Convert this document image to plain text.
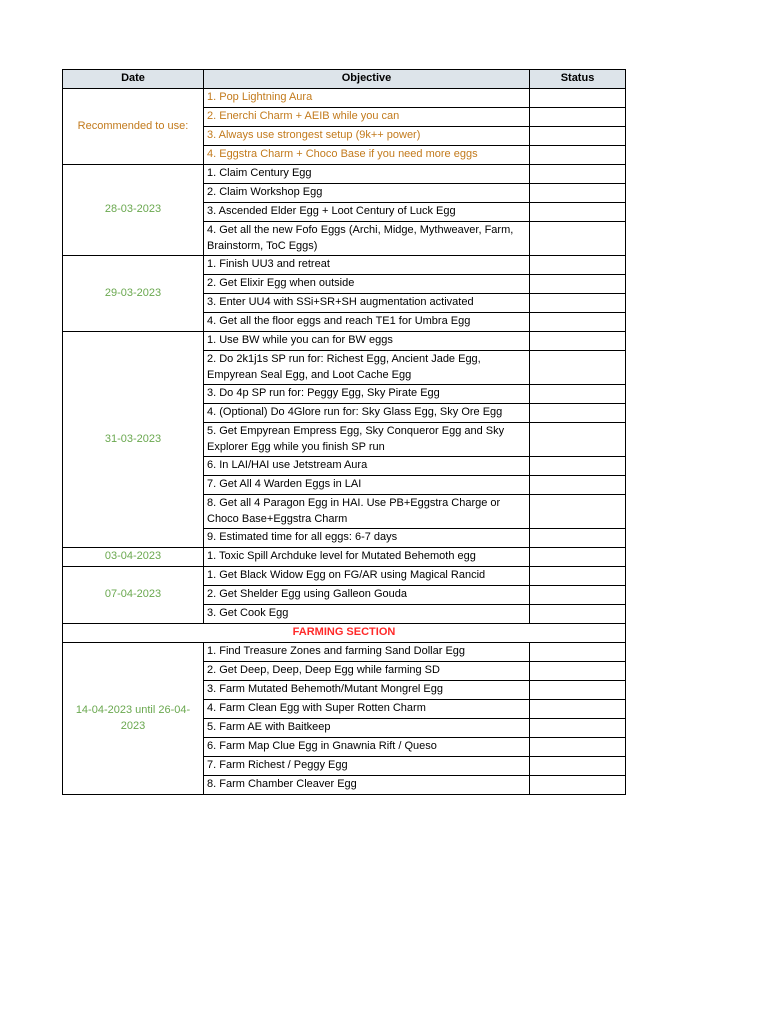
Date	Objective	Status
Recommended to use:	1. Pop Lightning Aura	
	2. Enerchi Charm + AEIB while you can	
	3. Always use strongest setup (9k++ power)	
	4. Eggstra Charm + Choco Base if you need more eggs	
28-03-2023	1. Claim Century Egg	
	2. Claim Workshop Egg	
	3. Ascended Elder Egg + Loot Century of Luck Egg	
	4. Get all the new Fofo Eggs (Archi, Midge, Mythweaver, Farm, Brainstorm, ToC Eggs)	
29-03-2023	1. Finish UU3 and retreat	
	2. Get Elixir Egg when outside	
	3. Enter UU4 with SSi+SR+SH augmentation activated	
	4. Get all the floor eggs and reach TE1 for Umbra Egg	
31-03-2023	1. Use BW while you can for BW eggs	
	2. Do 2k1j1s SP run for: Richest Egg, Ancient Jade Egg, Empyrean Seal Egg, and Loot Cache Egg	
	3. Do 4p SP run for: Peggy Egg, Sky Pirate Egg	
	4. (Optional) Do 4Glore run for: Sky Glass Egg, Sky Ore Egg	
	5. Get Empyrean Empress Egg, Sky Conqueror Egg and Sky Explorer Egg while you finish SP run	
	6. In LAI/HAI use Jetstream Aura	
	7. Get All 4 Warden Eggs in LAI	
	8. Get all 4 Paragon Egg in HAI. Use PB+Eggstra Charge or Choco Base+Eggstra Charm	
	9. Estimated time for all eggs: 6-7 days	
03-04-2023	1. Toxic Spill Archduke level for Mutated Behemoth egg	
07-04-2023	1. Get Black Widow Egg on FG/AR using Magical Rancid	
	2. Get Shelder Egg using Galleon Gouda	
	3. Get Cook Egg	
FARMING SECTION		
14-04-2023 until 26-04-2023	1. Find Treasure Zones and farming Sand Dollar Egg	
	2. Get Deep, Deep, Deep Egg while farming SD	
	3. Farm Mutated Behemoth/Mutant Mongrel Egg	
	4. Farm Clean Egg with Super Rotten Charm	
	5. Farm AE with Baitkeep	
	6. Farm Map Clue Egg in Gnawnia Rift / Queso	
	7. Farm Richest / Peggy Egg	
	8. Farm Chamber Cleaver Egg	
